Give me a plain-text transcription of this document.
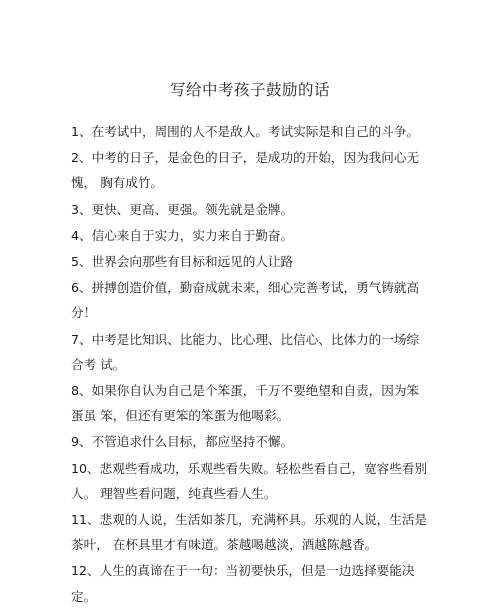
写给中考孩子鼓励的话
1、在考试中，周围的人不是敌人。考试实际是和自己的斗争。
2、中考的日子，是金色的日子，是成功的开始，因为我问心无愧， 胸有成竹。
3、更快、更高、更强。领先就是金牌。
4、信心来自于实力，实力来自于勤奋。
5、世界会向那些有目标和远见的人让路
6、拼搏创造价值，勤奋成就未来，细心完善考试，勇气铸就高分！
7、中考是比知识、比能力、比心理、比信心、比体力的一场综合考 试。
8、如果你自认为自己是个笨蛋，千万不要绝望和自责，因为笨蛋虽 笨，但还有更笨的笨蛋为他喝彩。
9、不管追求什么目标，都应坚持不懈。
10、悲观些看成功，乐观些看失败。轻松些看自己，宽容些看别人。 理智些看问题，纯真些看人生。
11、悲观的人说，生活如茶几，充满杯具。乐观的人说，生活是茶叶， 在杯具里才有味道。茶越喝越淡，酒越陈越香。
12、人生的真谛在于一句：当初要快乐，但是一边选择要能决定。
